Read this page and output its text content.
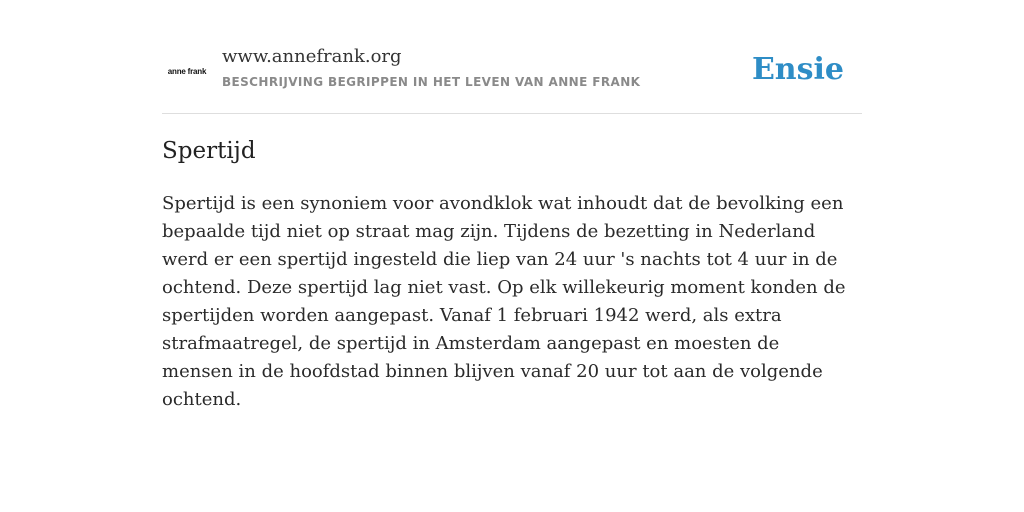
anne frank
www.annefrank.org
BESCHRIJVING BEGRIPPEN IN HET LEVEN VAN ANNE FRANK	Ensie
Spertijd

Spertijd is een synoniem voor avondklok wat inhoudt dat de bevolking een bepaalde tijd niet op straat mag zijn. Tijdens de bezetting in Nederland werd er een spertijd ingesteld die liep van 24 uur 's nachts tot 4 uur in de ochtend. Deze spertijd lag niet vast. Op elk willekeurig moment konden de spertijden worden aangepast. Vanaf 1 februari 1942 werd, als extra strafmaatregel, de spertijd in Amsterdam aangepast en moesten de mensen in de hoofdstad binnen blijven vanaf 20 uur tot aan de volgende ochtend.
